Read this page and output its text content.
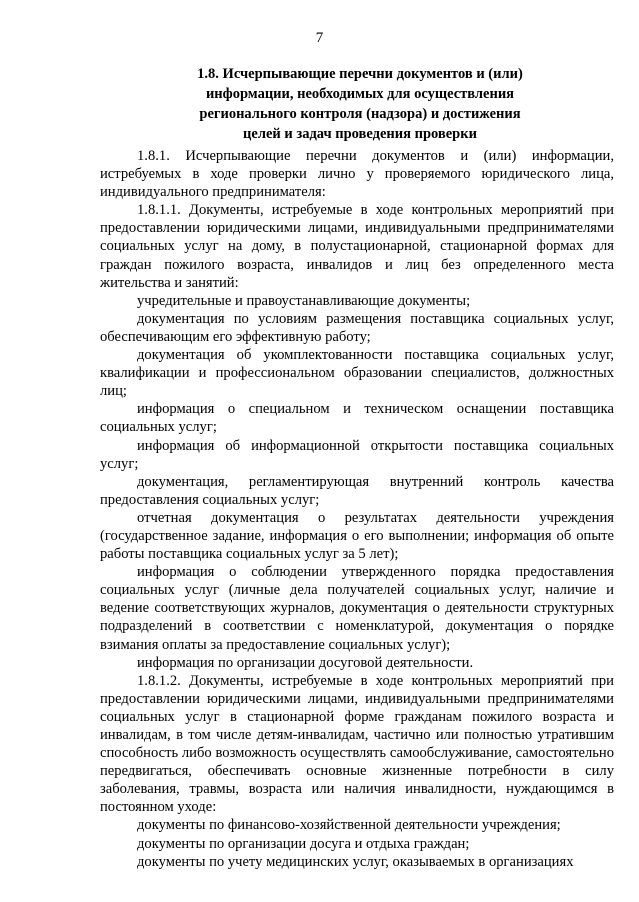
7
1.8. Исчерпывающие перечни документов и (или)
информации, необходимых для осуществления
регионального контроля (надзора) и достижения
целей и задач проведения проверки

1.8.1. Исчерпывающие перечни документов и (или) информации, истребуемых в ходе проверки лично у проверяемого юридического лица, индивидуального предпринимателя:

1.8.1.1. Документы, истребуемые в ходе контрольных мероприятий при предоставлении юридическими лицами, индивидуальными предпринимателями социальных услуг на дому, в полустационарной, стационарной формах для граждан пожилого возраста, инвалидов и лиц без определенного места жительства и занятий:

учредительные и правоустанавливающие документы;

документация по условиям размещения поставщика социальных услуг, обеспечивающим его эффективную работу;

документация об укомплектованности поставщика социальных услуг, квалификации и профессиональном образовании специалистов, должностных лиц;

информация о специальном и техническом оснащении поставщика социальных услуг;

информация об информационной открытости поставщика социальных услуг;

документация, регламентирующая внутренний контроль качества предоставления социальных услуг;

отчетная документация о результатах деятельности учреждения (государственное задание, информация о его выполнении; информация об опыте работы поставщика социальных услуг за 5 лет);

информация о соблюдении утвержденного порядка предоставления социальных услуг (личные дела получателей социальных услуг, наличие и ведение соответствующих журналов, документация о деятельности структурных подразделений в соответствии с номенклатурой, документация о порядке взимания оплаты за предоставление социальных услуг);

информация по организации досуговой деятельности.

1.8.1.2. Документы, истребуемые в ходе контрольных мероприятий при предоставлении юридическими лицами, индивидуальными предпринимателями социальных услуг в стационарной форме гражданам пожилого возраста и инвалидам, в том числе детям-инвалидам, частично или полностью утратившим способность либо возможность осуществлять самообслуживание, самостоятельно передвигаться, обеспечивать основные жизненные потребности в силу заболевания, травмы, возраста или наличия инвалидности, нуждающимся в постоянном уходе:

документы по финансово-хозяйственной деятельности учреждения;

документы по организации досуга и отдыха граждан;

документы по учету медицинских услуг, оказываемых в организациях
